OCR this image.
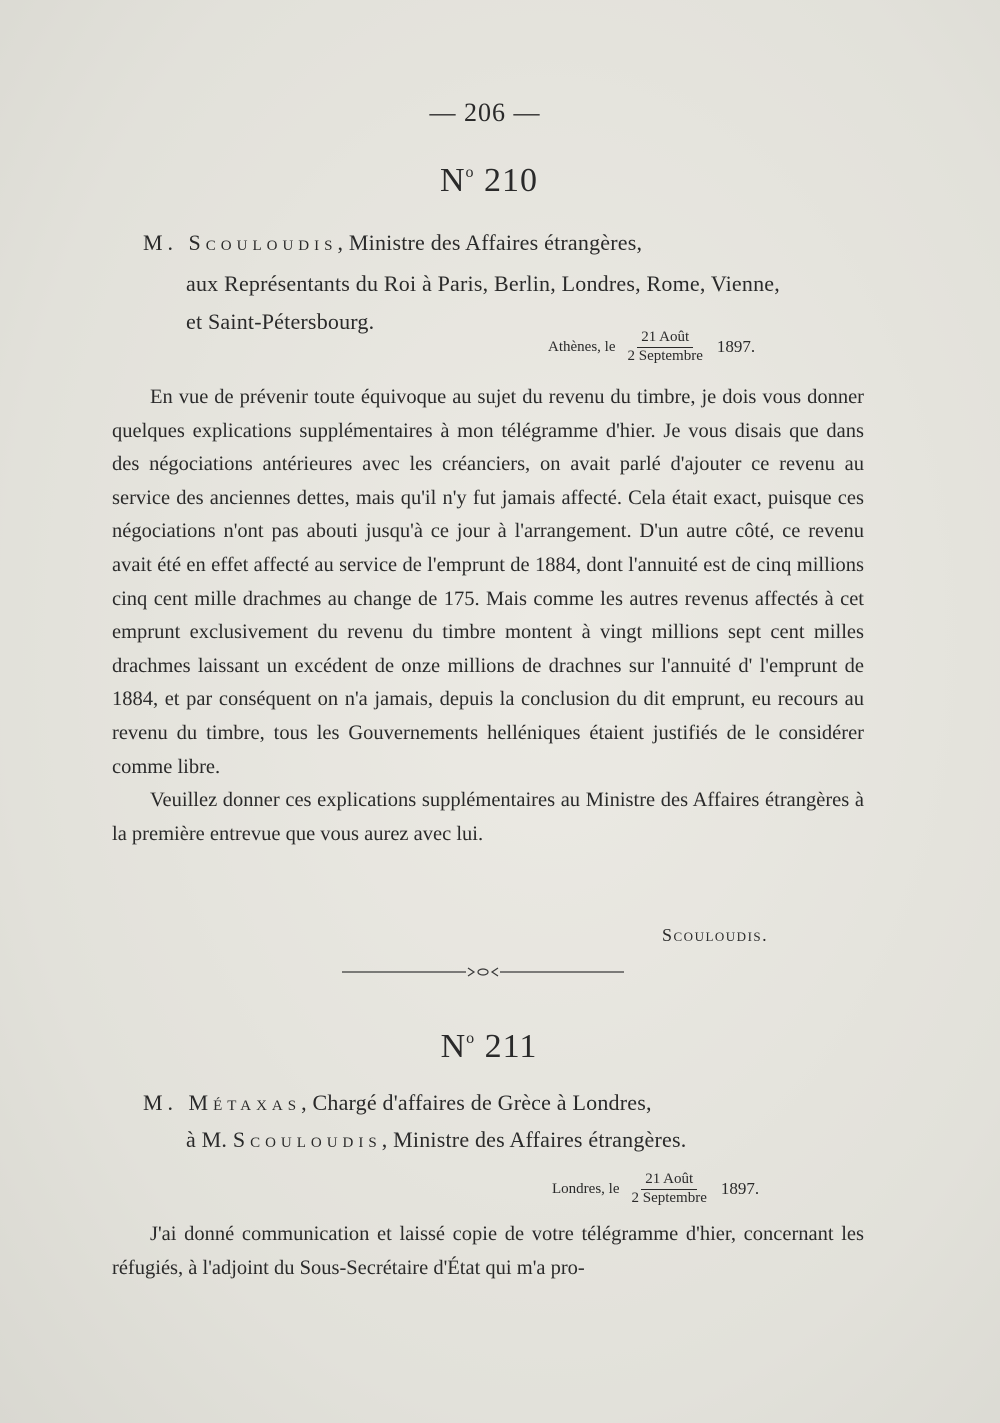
— 206 —
$N^o$ 210
M. Scouloudis, Ministre des Affaires étrangères,
aux Représentants du Roi à Paris, Berlin, Londres, Rome, Vienne,
et Saint-Pétersbourg.
Athènes, le $\frac{\text{21 Août}}{\text{2 Septembre}} 1897$.

En vue de prévenir toute équivoque au sujet du revenu du timbre, je dois vous donner quelques explications supplémentaires à mon télégramme d'hier. Je vous disais que dans des négociations antérieures avec les créanciers, on avait parlé d'ajouter ce revenu au service des anciennes dettes, mais qu'il n'y fut jamais affecté. Cela était exact, puisque ces négociations n'ont pas abouti jusqu'à ce jour à l'arrangement. D'un autre côté, ce revenu avait été en effet affecté au service de l'emprunt de 1884, dont l'annuité est de cinq millions cinq cent mille drachmes au change de 175. Mais comme les autres revenus affectés à cet emprunt exclusivement du revenu du timbre montent à vingt millions sept cent milles drachmes laissant un excédent de onze millions de drachnes sur l'annuité d' l'emprunt de 1884, et par conséquent on n'a jamais, depuis la conclusion du dit emprunt, eu recours au revenu du timbre, tous les Gouvernements helléniques étaient justifiés de le considérer comme libre.

Veuillez donner ces explications supplémentaires au Ministre des Affaires étrangères à la première entrevue que vous aurez avec lui.

Scouloudis.
$N^o$ 211
M. Métaxas, Chargé d'affaires de Grèce à Londres,
à M. Scouloudis, Ministre des Affaires étrangères.
Londres, le $\frac{\text{21 Août}}{\text{2 Septembre}} 1897$.

J'ai donné communication et laissé copie de votre télégramme d'hier, concernant les réfugiés, à l'adjoint du Sous-Secrétaire d'État qui m'a pro-
